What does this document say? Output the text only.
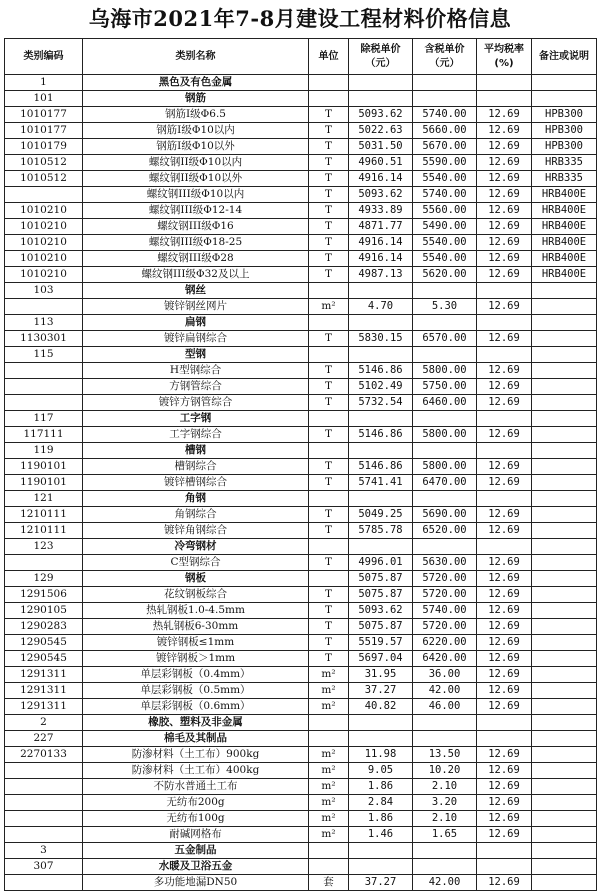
乌海市2021年7-8月建设工程材料价格信息
类别编码	类别名称	单位	除税单价（元）	含税单价（元）	平均税率(%)	备注或说明
1	黑色及有色金属					
101	钢筋					
1010177	钢筋I级Φ6.5	T	5093.62	5740.00	12.69	HPB300
1010177	钢筋I级Φ10以内	T	5022.63	5660.00	12.69	HPB300
1010179	钢筋I级Φ10以外	T	5031.50	5670.00	12.69	HPB300
1010512	螺纹钢II级Φ10以内	T	4960.51	5590.00	12.69	HRB335
1010512	螺纹钢II级Φ10以外	T	4916.14	5540.00	12.69	HRB335
	螺纹钢III级Φ10以内	T	5093.62	5740.00	12.69	HRB400E
1010210	螺纹钢III级Φ12-14	T	4933.89	5560.00	12.69	HRB400E
1010210	螺纹钢III级Φ16	T	4871.77	5490.00	12.69	HRB400E
1010210	螺纹钢III级Φ18-25	T	4916.14	5540.00	12.69	HRB400E
1010210	螺纹钢III级Φ28	T	4916.14	5540.00	12.69	HRB400E
1010210	螺纹钢III级Φ32及以上	T	4987.13	5620.00	12.69	HRB400E
103	钢丝					
	镀锌钢丝网片	m²	4.70	5.30	12.69	
113	扁钢					
1130301	镀锌扁钢综合	T	5830.15	6570.00	12.69	
115	型钢					
	H型钢综合	T	5146.86	5800.00	12.69	
	方钢管综合	T	5102.49	5750.00	12.69	
	镀锌方钢管综合	T	5732.54	6460.00	12.69	
117	工字钢					
117111	工字钢综合	T	5146.86	5800.00	12.69	
119	槽钢					
1190101	槽钢综合	T	5146.86	5800.00	12.69	
1190101	镀锌槽钢综合	T	5741.41	6470.00	12.69	
121	角钢					
1210111	角钢综合	T	5049.25	5690.00	12.69	
1210111	镀锌角钢综合	T	5785.78	6520.00	12.69	
123	冷弯钢材					
	C型钢综合	T	4996.01	5630.00	12.69	
129	钢板		5075.87	5720.00	12.69	
1291506	花纹钢板综合	T	5075.87	5720.00	12.69	
1290105	热轧钢板1.0-4.5mm	T	5093.62	5740.00	12.69	
1290283	热轧钢板6-30mm	T	5075.87	5720.00	12.69	
1290545	镀锌钢板≤1mm	T	5519.57	6220.00	12.69	
1290545	镀锌钢板＞1mm	T	5697.04	6420.00	12.69	
1291311	单层彩钢板（0.4mm）	m²	31.95	36.00	12.69	
1291311	单层彩钢板（0.5mm）	m²	37.27	42.00	12.69	
1291311	单层彩钢板（0.6mm）	m²	40.82	46.00	12.69	
2	橡胶、塑料及非金属					
227	棉毛及其制品					
2270133	防渗材料（土工布）900kg	m²	11.98	13.50	12.69	
	防渗材料（土工布）400kg	m²	9.05	10.20	12.69	
	不防水普通土工布	m²	1.86	2.10	12.69	
	无纺布200g	m²	2.84	3.20	12.69	
	无纺布100g	m²	1.86	2.10	12.69	
	耐碱网格布	m²	1.46	1.65	12.69	
3	五金制品					
307	水暖及卫浴五金					
	多功能地漏DN50	套	37.27	42.00	12.69	
